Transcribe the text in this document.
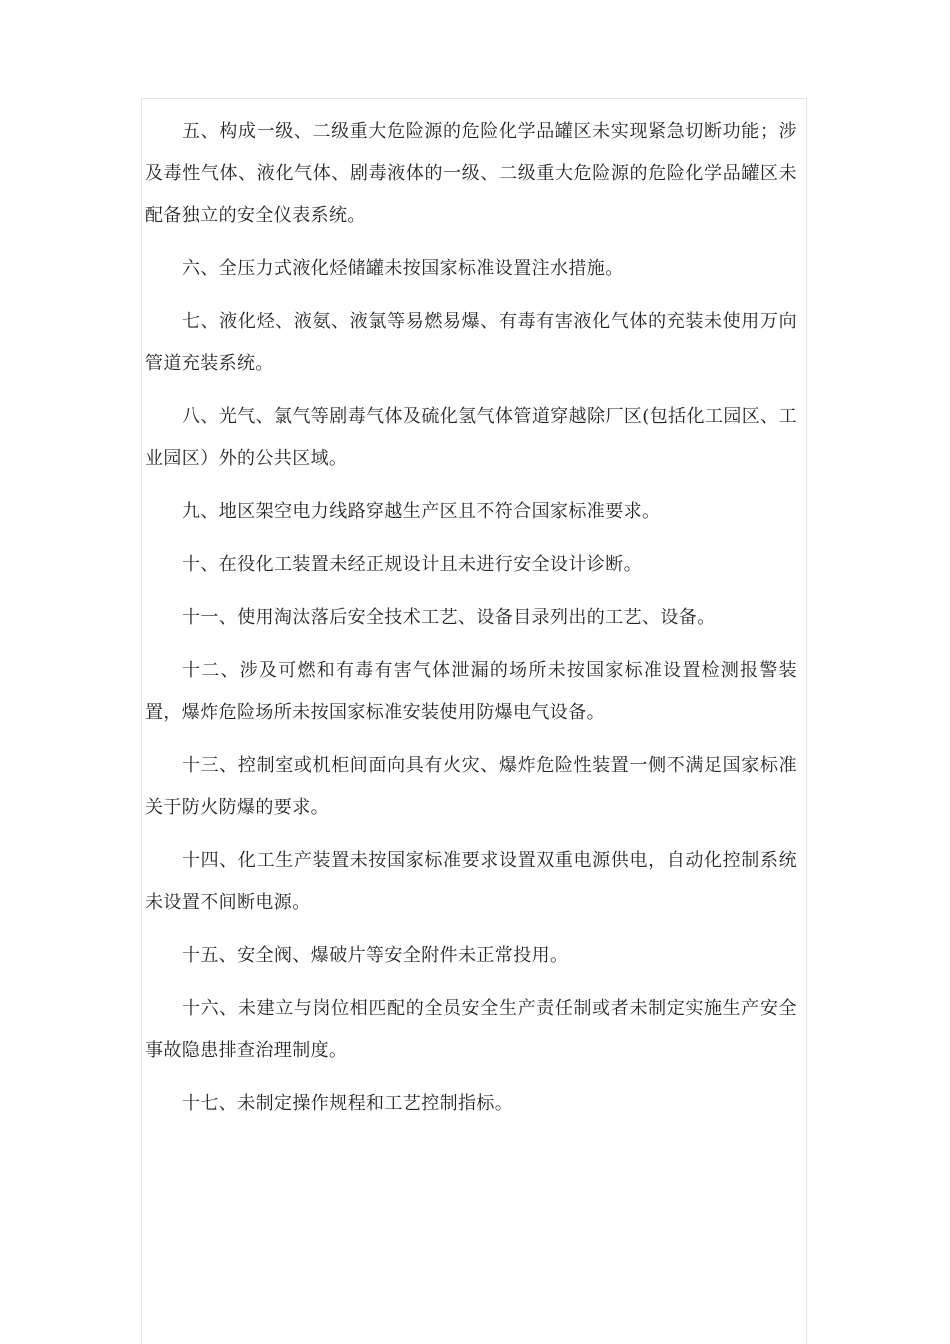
五、构成一级、二级重大危险源的危险化学品罐区未实现紧急切断功能；涉及毒性气体、液化气体、剧毒液体的一级、二级重大危险源的危险化学品罐区未配备独立的安全仪表系统。

六、全压力式液化烃储罐未按国家标准设置注水措施。

七、液化烃、液氨、液氯等易燃易爆、有毒有害液化气体的充装未使用万向管道充装系统。

八、光气、氯气等剧毒气体及硫化氢气体管道穿越除厂区(包括化工园区、工业园区）外的公共区域。

九、地区架空电力线路穿越生产区且不符合国家标准要求。

十、在役化工装置未经正规设计且未进行安全设计诊断。

十一、使用淘汰落后安全技术工艺、设备目录列出的工艺、设备。

十二、涉及可燃和有毒有害气体泄漏的场所未按国家标准设置检测报警装置，爆炸危险场所未按国家标准安装使用防爆电气设备。

十三、控制室或机柜间面向具有火灾、爆炸危险性装置一侧不满足国家标准关于防火防爆的要求。

十四、化工生产装置未按国家标准要求设置双重电源供电，自动化控制系统未设置不间断电源。

十五、安全阀、爆破片等安全附件未正常投用。

十六、未建立与岗位相匹配的全员安全生产责任制或者未制定实施生产安全事故隐患排查治理制度。

十七、未制定操作规程和工艺控制指标。
